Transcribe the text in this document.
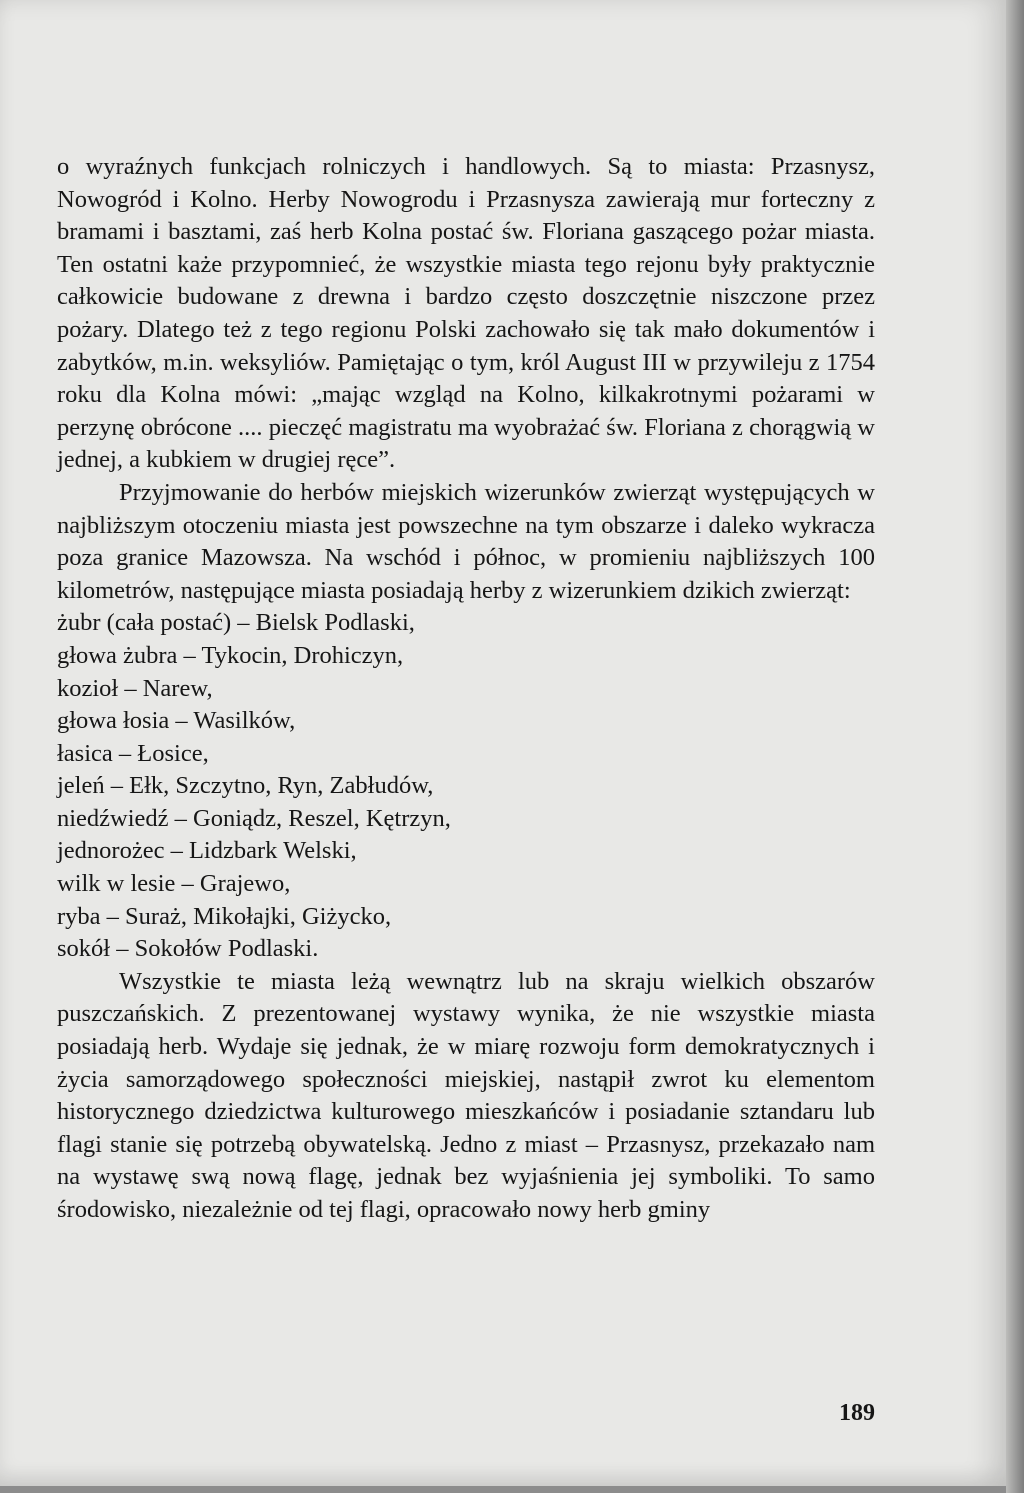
o wyraźnych funkcjach rolniczych i handlowych. Są to miasta: Przasnysz, Nowogród i Kolno. Herby Nowogrodu i Przasnysza zawierają mur forteczny z bramami i basztami, zaś herb Kolna postać św. Floriana gaszącego pożar miasta. Ten ostatni każe przypomnieć, że wszystkie miasta tego rejonu były praktycznie całkowicie budowane z drewna i bardzo często doszczętnie niszczone przez pożary. Dlatego też z tego regionu Polski zachowało się tak mało dokumentów i zabytków, m.in. weksyliów. Pamiętając o tym, król August III w przywileju z 1754 roku dla Kolna mówi: „mając wzgląd na Kolno, kilkakrotnymi pożarami w perzynę obrócone .... pieczęć magistratu ma wyobrażać św. Floriana z chorągwią w jednej, a kubkiem w drugiej ręce”.

Przyjmowanie do herbów miejskich wizerunków zwierząt występujących w najbliższym otoczeniu miasta jest powszechne na tym obszarze i daleko wykracza poza granice Mazowsza. Na wschód i północ, w promieniu najbliższych 100 kilometrów, następujące miasta posiadają herby z wizerunkiem dzikich zwierząt:

żubr (cała postać) – Bielsk Podlaski,
głowa żubra – Tykocin, Drohiczyn,
kozioł – Narew,
głowa łosia – Wasilków,
łasica – Łosice,
jeleń – Ełk, Szczytno, Ryn, Zabłudów,
niedźwiedź – Goniądz, Reszel, Kętrzyn,
jednorożec – Lidzbark Welski,
wilk w lesie – Grajewo,
ryba – Suraż, Mikołajki, Giżycko,
sokół – Sokołów Podlaski.

Wszystkie te miasta leżą wewnątrz lub na skraju wielkich obszarów puszczańskich. Z prezentowanej wystawy wynika, że nie wszystkie miasta posiadają herb. Wydaje się jednak, że w miarę rozwoju form demokratycznych i życia samorządowego społeczności miejskiej, nastąpił zwrot ku elementom historycznego dziedzictwa kulturowego mieszkańców i posiadanie sztandaru lub flagi stanie się potrzebą obywatelską. Jedno z miast – Przasnysz, przekazało nam na wystawę swą nową flagę, jednak bez wyjaśnienia jej symboliki. To samo środowisko, niezależnie od tej flagi, opracowało nowy herb gminy

189
